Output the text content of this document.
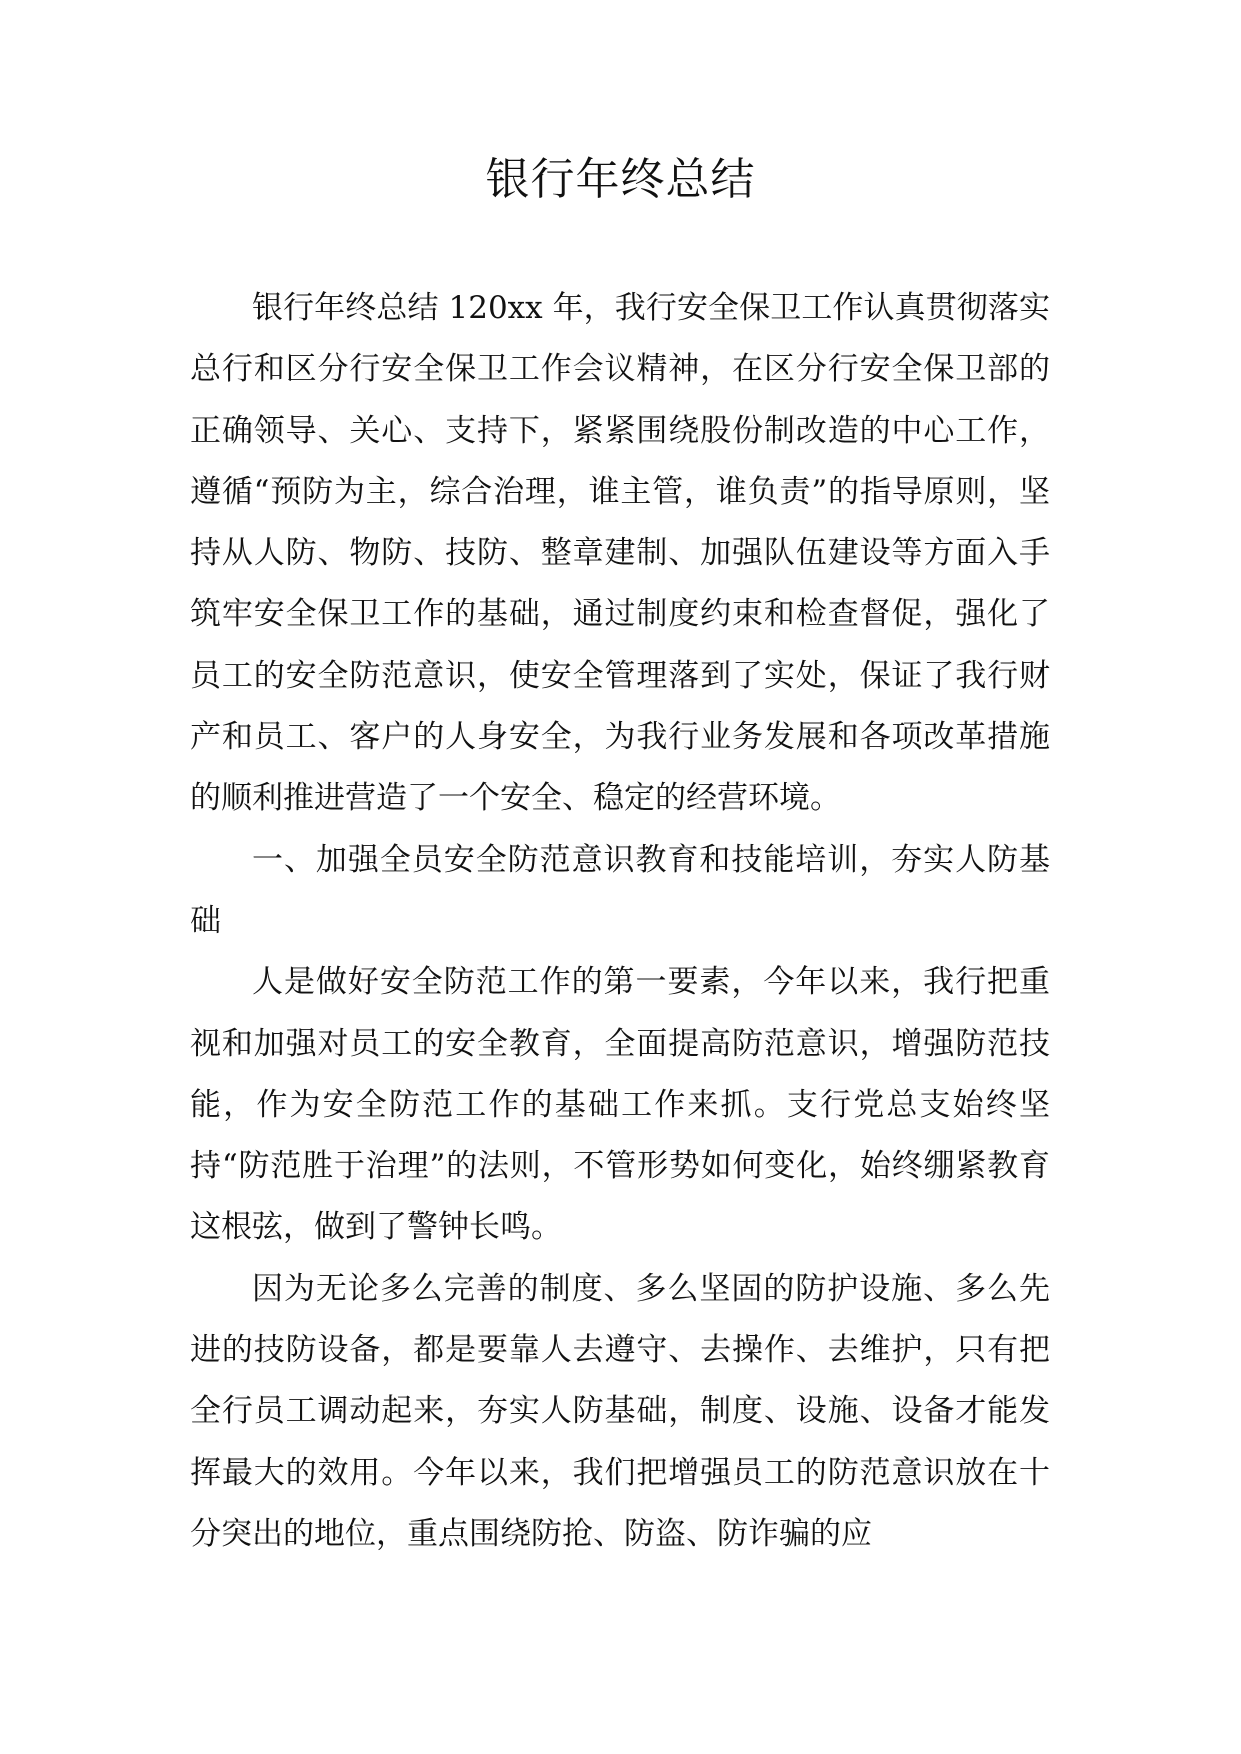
银行年终总结

银行年终总结 120xx 年，我行安全保卫工作认真贯彻落实总行和区分行安全保卫工作会议精神，在区分行安全保卫部的正确领导、关心、支持下，紧紧围绕股份制改造的中心工作，遵循“预防为主，综合治理，谁主管，谁负责”的指导原则，坚持从人防、物防、技防、整章建制、加强队伍建设等方面入手筑牢安全保卫工作的基础，通过制度约束和检查督促，强化了员工的安全防范意识，使安全管理落到了实处，保证了我行财产和员工、客户的人身安全，为我行业务发展和各项改革措施的顺利推进营造了一个安全、稳定的经营环境。

一、加强全员安全防范意识教育和技能培训，夯实人防基础

人是做好安全防范工作的第一要素，今年以来，我行把重视和加强对员工的安全教育，全面提高防范意识，增强防范技能，作为安全防范工作的基础工作来抓。支行党总支始终坚持“防范胜于治理”的法则，不管形势如何变化，始终绷紧教育这根弦，做到了警钟长鸣。

因为无论多么完善的制度、多么坚固的防护设施、多么先进的技防设备，都是要靠人去遵守、去操作、去维护，只有把全行员工调动起来，夯实人防基础，制度、设施、设备才能发挥最大的效用。今年以来，我们把增强员工的防范意识放在十分突出的地位，重点围绕防抢、防盗、防诈骗的应
